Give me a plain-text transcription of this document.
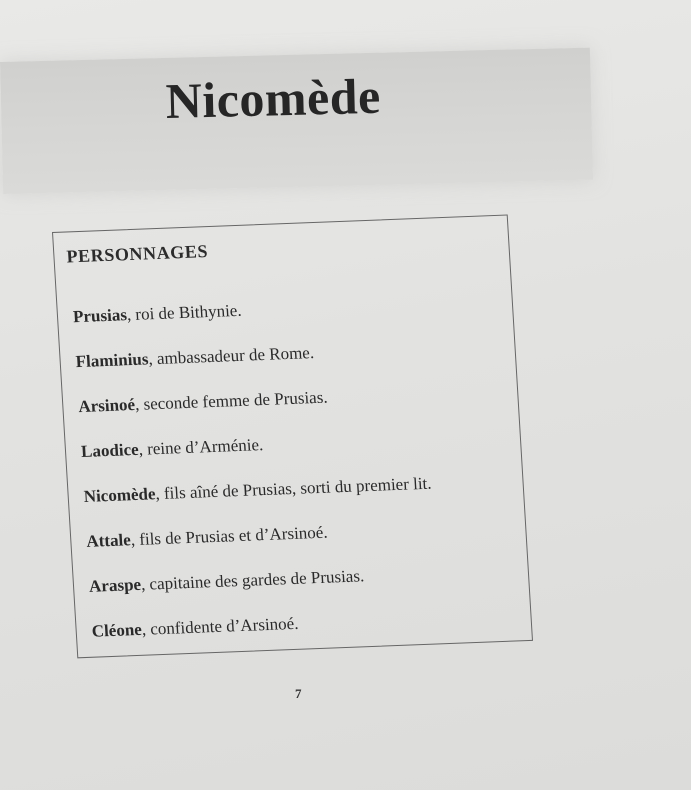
Nicomède
PERSONNAGES
Prusias, roi de Bithynie.
Flaminius, ambassadeur de Rome.
Arsinoé, seconde femme de Prusias.
Laodice, reine d’Arménie.
Nicomède, fils aîné de Prusias, sorti du premier lit.
Attale, fils de Prusias et d’Arsinoé.
Araspe, capitaine des gardes de Prusias.
Cléone, confidente d’Arsinoé.
7
